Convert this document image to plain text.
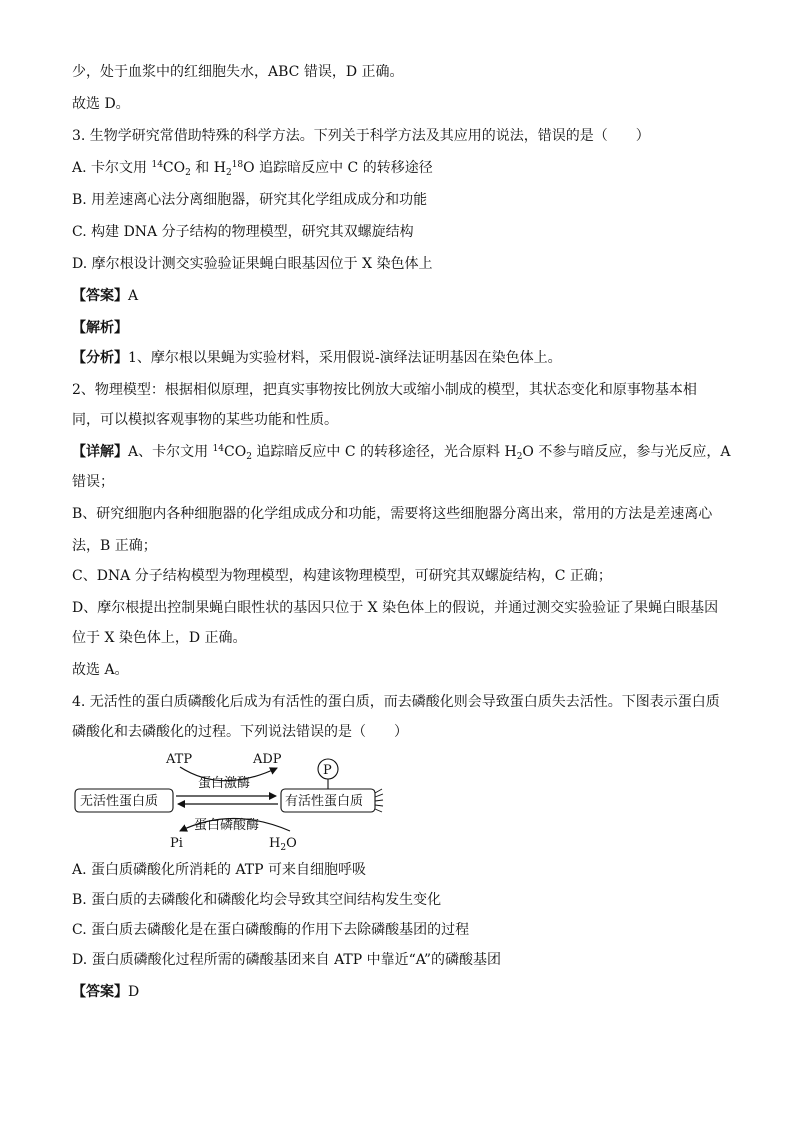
少，处于血浆中的红细胞失水，ABC 错误，D 正确。
故选 D。
3. 生物学研究常借助特殊的科学方法。下列关于科学方法及其应用的说法，错误的是（　　）
A. 卡尔文用 $^{14}CO_2$ 和 $H_2^{18}O$ 追踪暗反应中 C 的转移途径
B. 用差速离心法分离细胞器，研究其化学组成成分和功能
C. 构建 DNA 分子结构的物理模型，研究其双螺旋结构
D. 摩尔根设计测交实验验证果蝇白眼基因位于 X 染色体上
【答案】A
【解析】
【分析】1、摩尔根以果蝇为实验材料，采用假说-演绎法证明基因在染色体上。
2、物理模型：根据相似原理，把真实事物按比例放大或缩小制成的模型，其状态变化和原事物基本相
同，可以模拟客观事物的某些功能和性质。
【详解】A、卡尔文用 $^{14}CO_2$ 追踪暗反应中 C 的转移途径，光合原料 $H_2O$ 不参与暗反应，参与光反应，A
错误；
B、研究细胞内各种细胞器的化学组成成分和功能，需要将这些细胞器分离出来，常用的方法是差速离心
法，B 正确；
C、DNA 分子结构模型为物理模型，构建该物理模型，可研究其双螺旋结构，C 正确；
D、摩尔根提出控制果蝇白眼性状的基因只位于 X 染色体上的假说，并通过测交实验验证了果蝇白眼基因
位于 X 染色体上，D 正确。
故选 A。
4. 无活性的蛋白质磷酸化后成为有活性的蛋白质，而去磷酸化则会导致蛋白质失去活性。下图表示蛋白质
磷酸化和去磷酸化的过程。下列说法错误的是（　　）
ATP	ADP
蛋白激酶
P
无活性蛋白质	有活性蛋白质
蛋白磷酸酶
Pi	$H_2O$
A. 蛋白质磷酸化所消耗的 ATP 可来自细胞呼吸
B. 蛋白质的去磷酸化和磷酸化均会导致其空间结构发生变化
C. 蛋白质去磷酸化是在蛋白磷酸酶的作用下去除磷酸基团的过程
D. 蛋白质磷酸化过程所需的磷酸基团来自 ATP 中靠近“A”的磷酸基团
【答案】D
